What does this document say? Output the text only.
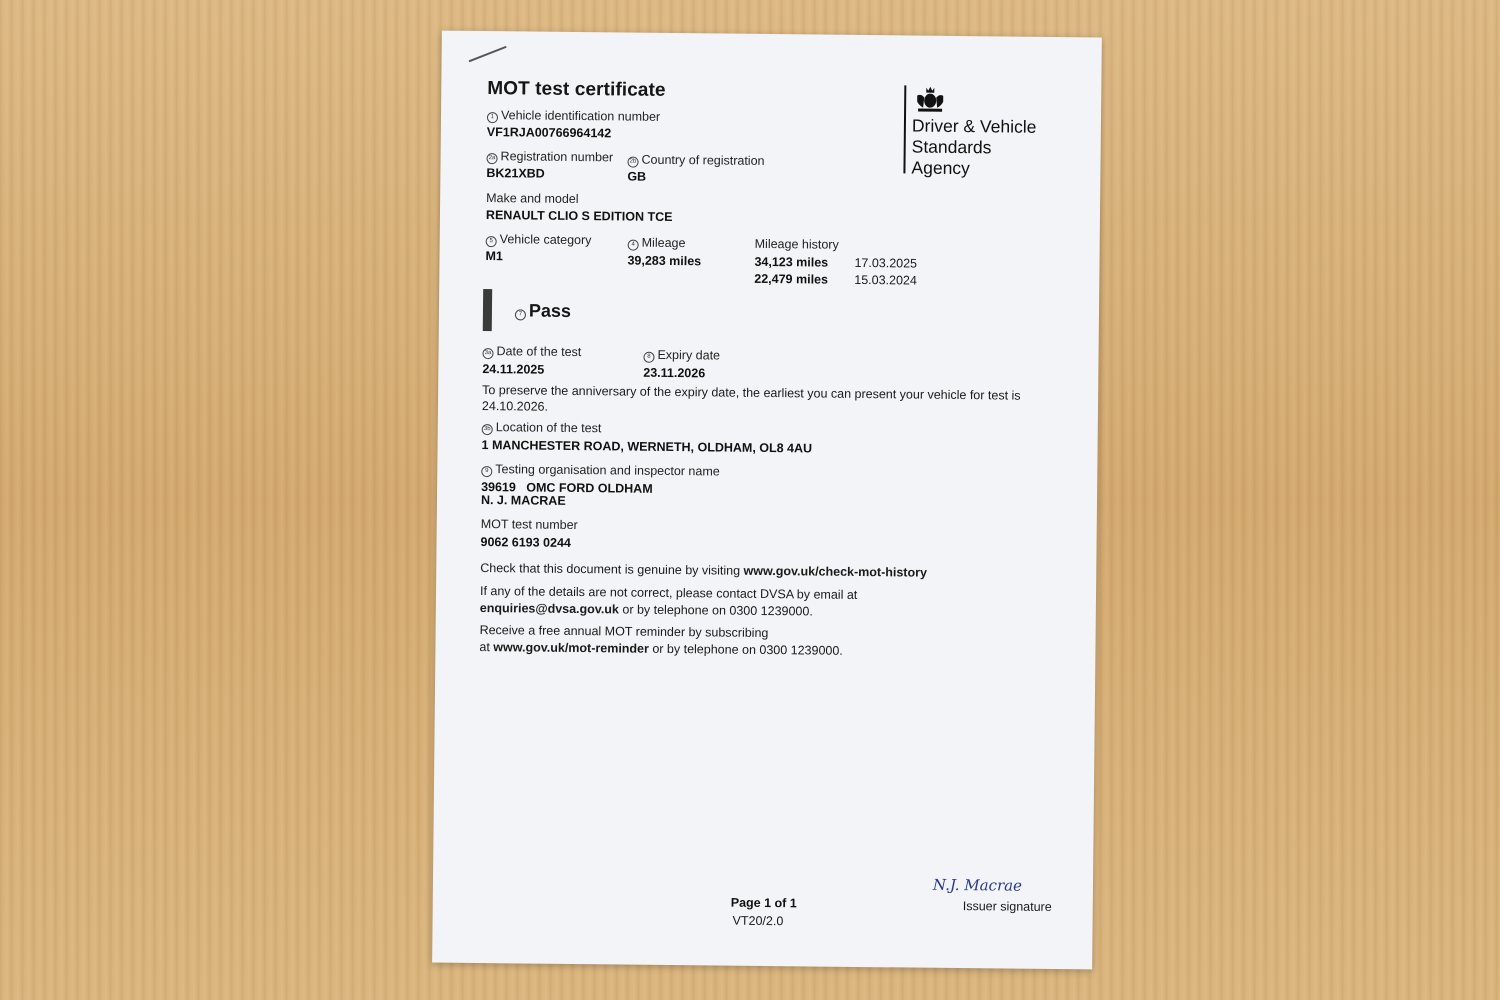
MOT test certificate
Driver & Vehicle
Standards
Agency
1 Vehicle identification number
VF1RJA00766964142
2a Registration number
BK21XBD
2b Country of registration
GB
Make and model
RENAULT CLIO S EDITION TCE
5 Vehicle category
M1
4 Mileage
39,283 miles
Mileage history
34,123 miles 17.03.2025
22,479 miles 15.03.2024
7 Pass
3a Date of the test
24.11.2025
8 Expiry date
23.11.2026
To preserve the anniversary of the expiry date, the earliest you can present your vehicle for test is
24.10.2026.
3b Location of the test
1 MANCHESTER ROAD, WERNETH, OLDHAM, OL8 4AU
9 Testing organisation and inspector name
39619   OMC FORD OLDHAM
N. J. MACRAE
MOT test number
9062 6193 0244
Check that this document is genuine by visiting www.gov.uk/check-mot-history
If any of the details are not correct, please contact DVSA by email at
enquiries@dvsa.gov.uk or by telephone on 0300 1239000.
Receive a free annual MOT reminder by subscribing
at www.gov.uk/mot-reminder or by telephone on 0300 1239000.
Page 1 of 1
VT20/2.0
N.J. Macrae
Issuer signature
